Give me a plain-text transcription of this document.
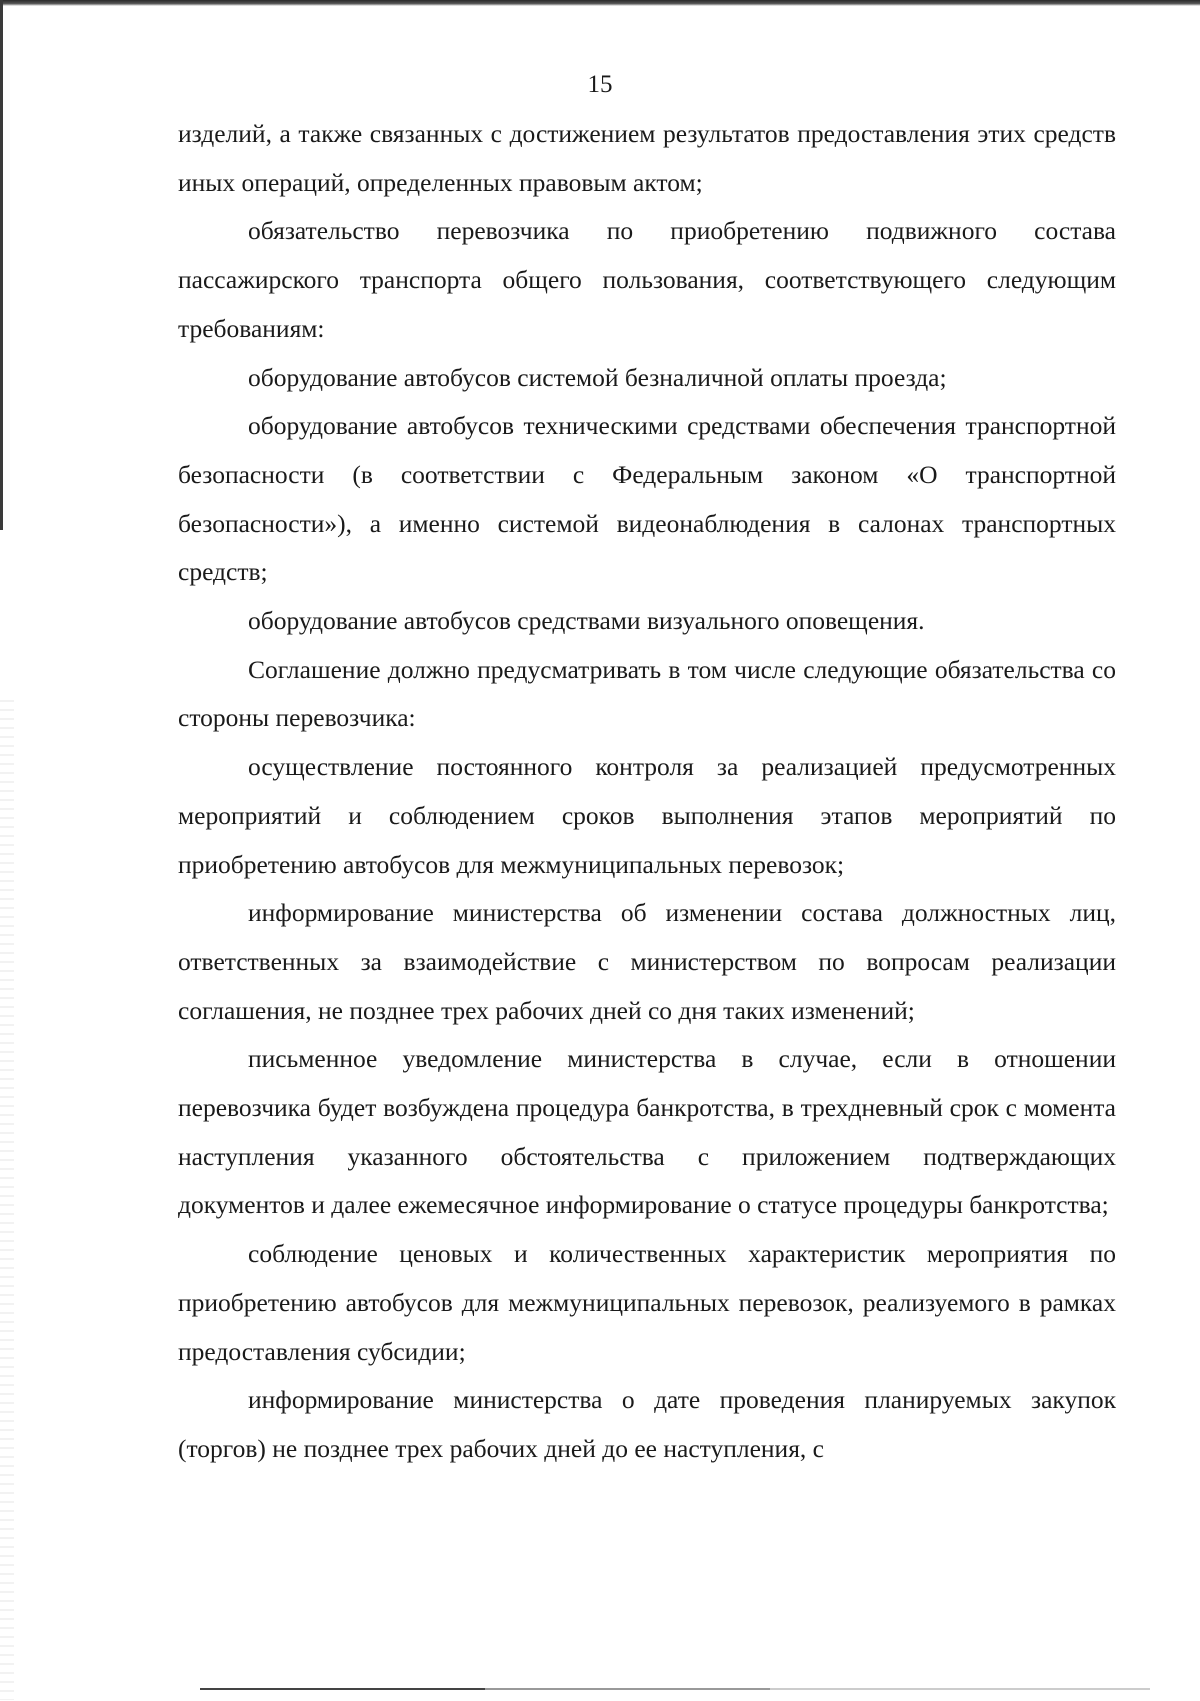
15

изделий, а также связанных с достижением результатов предоставления этих средств иных операций, определенных правовым актом;

обязательство перевозчика по приобретению подвижного состава пассажирского транспорта общего пользования, соответствующего следующим требованиям:

оборудование автобусов системой безналичной оплаты проезда;

оборудование автобусов техническими средствами обеспечения транспортной безопасности (в соответствии с Федеральным законом «О транспортной безопасности»), а именно системой видеонаблюдения в салонах транспортных средств;

оборудование автобусов средствами визуального оповещения.

Соглашение должно предусматривать в том числе следующие обязательства со стороны перевозчика:

осуществление постоянного контроля за реализацией предусмотренных мероприятий и соблюдением сроков выполнения этапов мероприятий по приобретению автобусов для межмуниципальных перевозок;

информирование министерства об изменении состава должностных лиц, ответственных за взаимодействие с министерством по вопросам реализации соглашения, не позднее трех рабочих дней со дня таких изменений;

письменное уведомление министерства в случае, если в отношении перевозчика будет возбуждена процедура банкротства, в трехдневный срок с момента наступления указанного обстоятельства с приложением подтверждающих документов и далее ежемесячное информирование о статусе процедуры банкротства;

соблюдение ценовых и количественных характеристик мероприятия по приобретению автобусов для межмуниципальных перевозок, реализуемого в рамках предоставления субсидии;

информирование министерства о дате проведения планируемых закупок (торгов) не позднее трех рабочих дней до ее наступления, с
